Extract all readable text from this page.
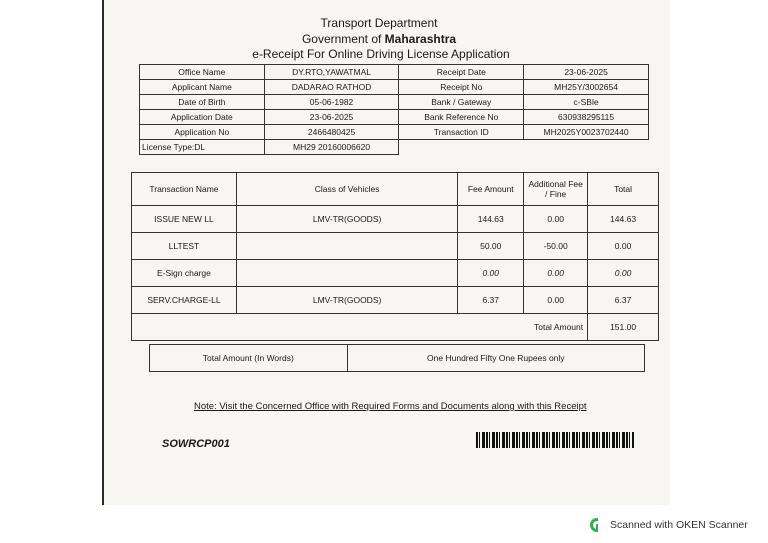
Transport Department
Government of Maharashtra
e-Receipt For Online Driving License Application
Office Name	DY.RTO,YAWATMAL	Receipt Date	23-06-2025
Applicant Name	DADARAO RATHOD	Receipt No	MH25Y/3002654
Date of Birth	05-06-1982	Bank / Gateway	c-SBle
Application Date	23-06-2025	Bank Reference No	630938295115
Application No	2466480425	Transaction ID	MH2025Y0023702440
License Type:DL	MH29 20160006620		
Transaction Name	Class of Vehicles	Fee Amount	Additional Fee / Fine	Total
ISSUE NEW LL	LMV-TR(GOODS)	144.63	0.00	144.63
LLTEST		50.00	-50.00	0.00
E-Sign charge		0.00	0.00	0.00
SERV.CHARGE-LL	LMV-TR(GOODS)	6.37	0.00	6.37
Total Amount				151.00
Total Amount (In Words)	One Hundred Fifty One Rupees only
Note: Visit the Concerned Office with Required Forms and Documents along with this Receipt
SOWRCP001
Scanned with OKEN Scanner
